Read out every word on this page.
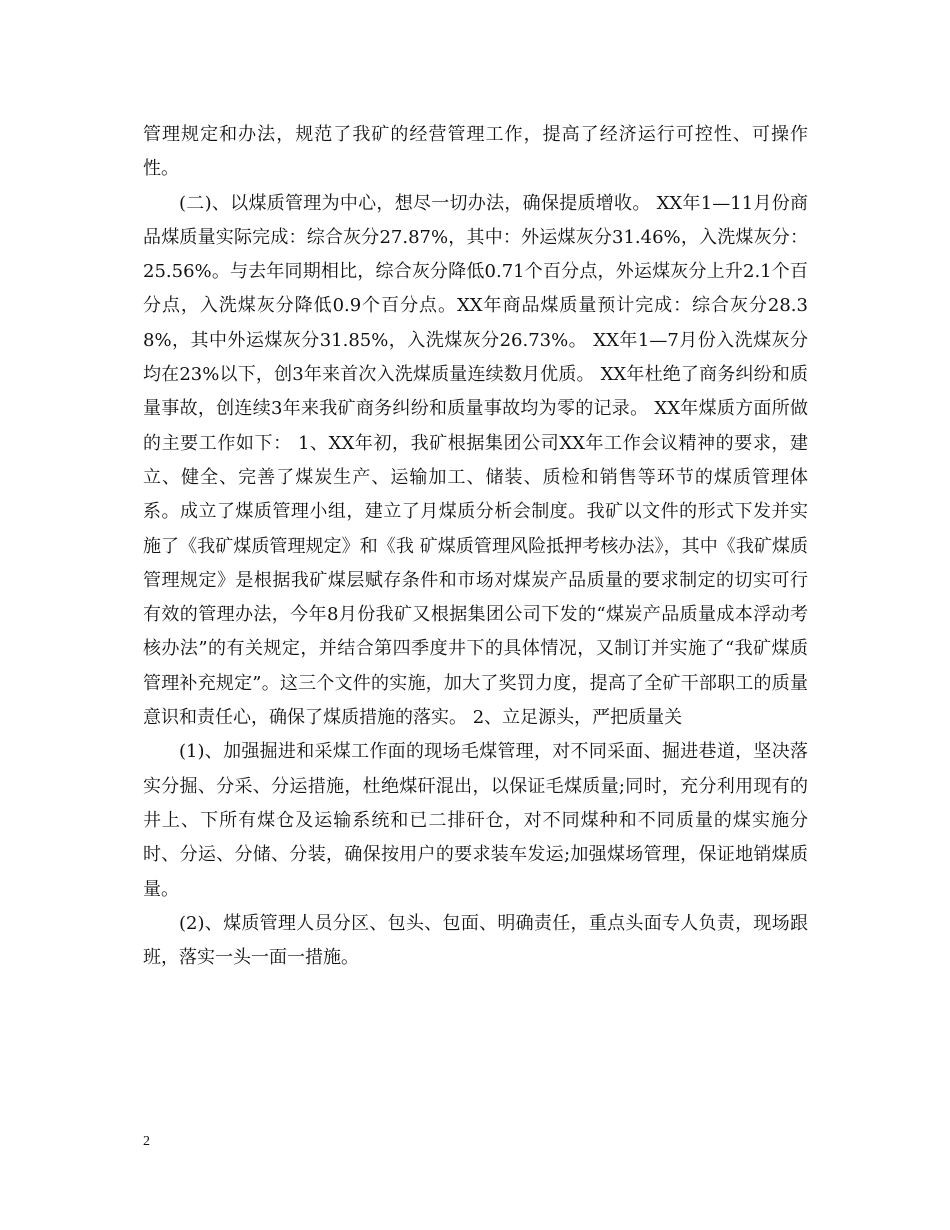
管理规定和办法，规范了我矿的经营管理工作，提高了经济运行可控性、可操作性。

(二)、以煤质管理为中心，想尽一切办法，确保提质增收。 XX年1—11月份商品煤质量实际完成：综合灰分27.87%，其中：外运煤灰分31.46%，入洗煤灰分：25.56%。与去年同期相比，综合灰分降低0.71个百分点，外运煤灰分上升2.1个百分点，入洗煤灰分降低0.9个百分点。XX年商品煤质量预计完成：综合灰分28.38%，其中外运煤灰分31.85%，入洗煤灰分26.73%。 XX年1—7月份入洗煤灰分均在23%以下，创3年来首次入洗煤质量连续数月优质。 XX年杜绝了商务纠纷和质量事故，创连续3年来我矿商务纠纷和质量事故均为零的记录。 XX年煤质方面所做的主要工作如下： 1、XX年初，我矿根据集团公司XX年工作会议精神的要求，建立、健全、完善了煤炭生产、运输加工、储装、质检和销售等环节的煤质管理体系。成立了煤质管理小组，建立了月煤质分析会制度。我矿以文件的形式下发并实施了《我矿煤质管理规定》和《我 矿煤质管理风险抵押考核办法》，其中《我矿煤质管理规定》是根据我矿煤层赋存条件和市场对煤炭产品质量的要求制定的切实可行有效的管理办法，今年8月份我矿又根据集团公司下发的“煤炭产品质量成本浮动考核办法”的有关规定，并结合第四季度井下的具体情况，又制订并实施了“我矿煤质管理补充规定”。这三个文件的实施，加大了奖罚力度，提高了全矿干部职工的质量意识和责任心，确保了煤质措施的落实。 2、立足源头，严把质量关

(1)、加强掘进和采煤工作面的现场毛煤管理，对不同采面、掘进巷道，坚决落实分掘、分采、分运措施，杜绝煤矸混出，以保证毛煤质量;同时，充分利用现有的井上、下所有煤仓及运输系统和已二排矸仓，对不同煤种和不同质量的煤实施分时、分运、分储、分装，确保按用户的要求装车发运;加强煤场管理，保证地销煤质量。

(2)、煤质管理人员分区、包头、包面、明确责任，重点头面专人负责，现场跟班，落实一头一面一措施。

2
